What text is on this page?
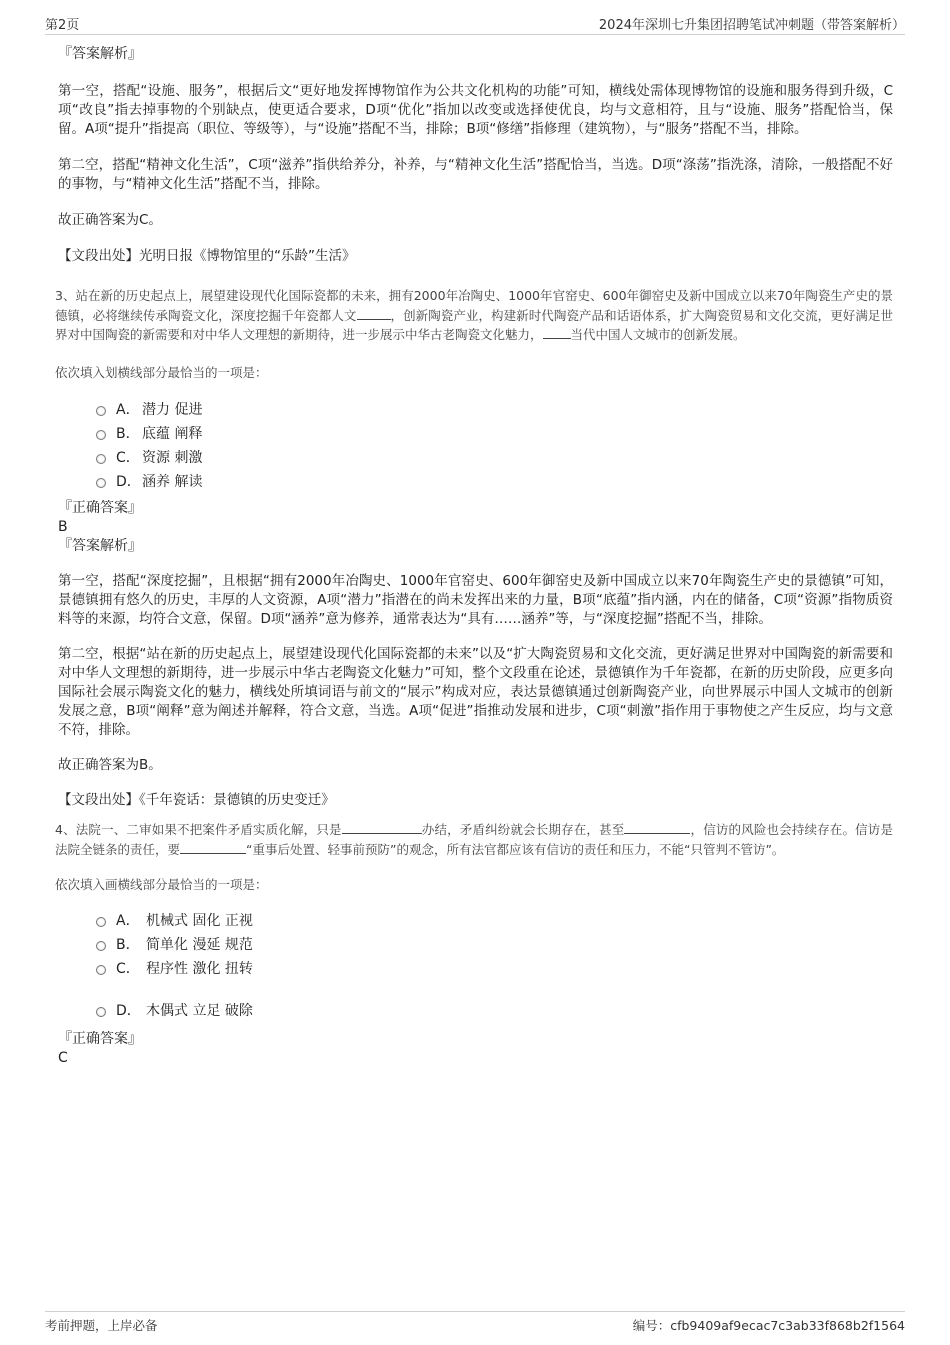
第2页	2024年深圳七升集团招聘笔试冲刺题（带答案解析）

『答案解析』

第一空，搭配“设施、服务”，根据后文“更好地发挥博物馆作为公共文化机构的功能”可知，横线处需体现博物馆的设施和服务得到升级，C项“改良”指去掉事物的个别缺点，使更适合要求，D项“优化”指加以改变或选择使优良，均与文意相符，且与“设施、服务”搭配恰当，保留。A项“提升”指提高（职位、等级等），与“设施”搭配不当，排除；B项“修缮”指修理（建筑物），与“服务”搭配不当，排除。

第二空，搭配“精神文化生活”，C项“滋养”指供给养分，补养，与“精神文化生活”搭配恰当，当选。D项“涤荡”指洗涤，清除，一般搭配不好的事物，与“精神文化生活”搭配不当，排除。

故正确答案为C。

【文段出处】光明日报《博物馆里的“乐龄”生活》

3、站在新的历史起点上，展望建设现代化国际瓷都的未来，拥有2000年冶陶史、1000年官窑史、600年御窑史及新中国成立以来70年陶瓷生产史的景德镇，必将继续传承陶瓷文化，深度挖掘千年瓷都人文	，创新陶瓷产业，构建新时代陶瓷产品和话语体系，扩大陶瓷贸易和文化交流，更好满足世界对中国陶瓷的新需要和对中华人文理想的新期待，进一步展示中华古老陶瓷文化魅力， 当代中国人文城市的创新发展。

依次填入划横线部分最恰当的一项是：

A． 潜力 促进
B． 底蕴 阐释
C． 资源 刺激
D．涵养 解读

『正确答案』

B

『答案解析』

第一空，搭配“深度挖掘”，且根据“拥有2000年冶陶史、1000年官窑史、600年御窑史及新中国成立以来70年陶瓷生产史的景德镇”可知，景德镇拥有悠久的历史，丰厚的人文资源，A项“潜力”指潜在的尚未发挥出来的力量，B项“底蕴”指内涵，内在的储备，C项“资源”指物质资料等的来源，均符合文意，保留。D项“涵养”意为修养，通常表达为“具有……涵养”等，与“深度挖掘”搭配不当，排除。

第二空，根据“站在新的历史起点上，展望建设现代化国际瓷都的未来”以及“扩大陶瓷贸易和文化交流，更好满足世界对中国陶瓷的新需要和对中华人文理想的新期待，进一步展示中华古老陶瓷文化魅力”可知，整个文段重在论述，景德镇作为千年瓷都，在新的历史阶段，应更多向国际社会展示陶瓷文化的魅力，横线处所填词语与前文的“展示”构成对应，表达景德镇通过创新陶瓷产业，向世界展示中国人文城市的创新发展之意，B项“阐释”意为阐述并解释，符合文意，当选。A项“促进”指推动发展和进步，C项“刺激”指作用于事物使之产生反应，均与文意不符，排除。

故正确答案为B。

【文段出处】《千年瓷话：景德镇的历史变迁》

4、法院一、二审如果不把案件矛盾实质化解，只是	办结，矛盾纠纷就会长期存在，甚至	，信访的风险也会持续存在。信访是法院全链条的责任，要	“重事后处置、轻事前预防”的观念，所有法官都应该有信访的责任和压力，不能“只管判不管访”。

依次填入画横线部分最恰当的一项是：

A． 机械式 固化 正视
B． 简单化 漫延 规范
C． 程序性 激化 扭转
D． 木偶式 立足 破除

『正确答案』

C

考前押题，上岸必备	编号：cfb9409af9ecac7c3ab33f868b2f1564
